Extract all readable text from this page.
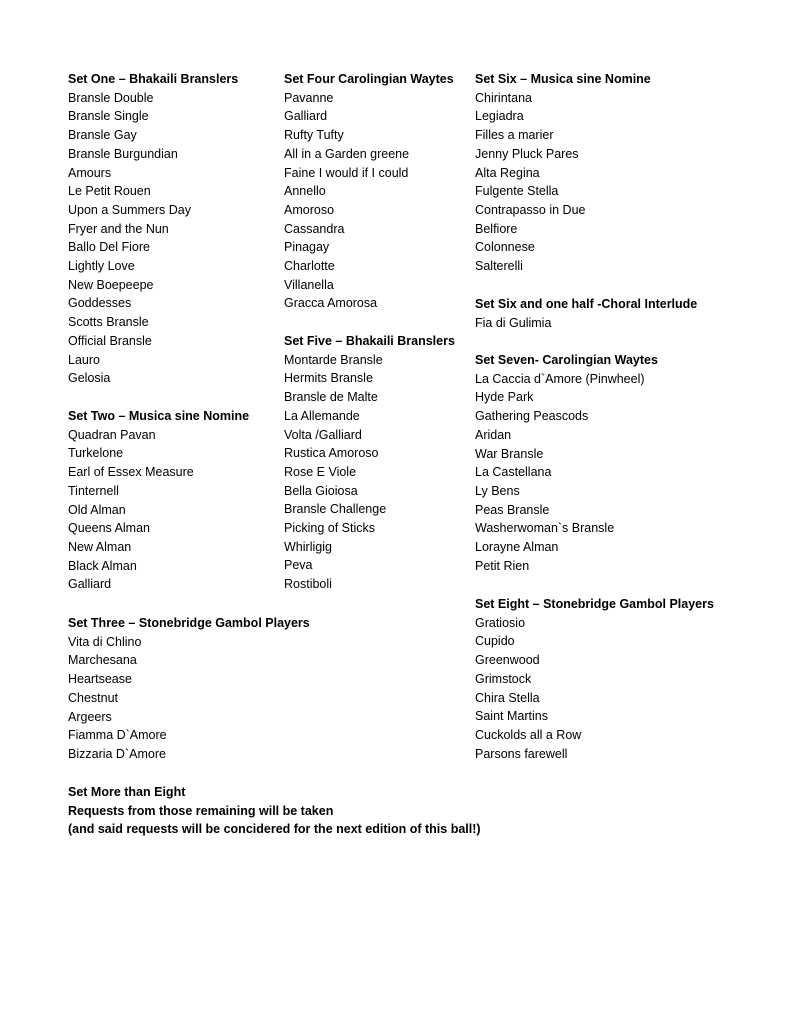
Set One – Bhakaili Branslers
Bransle Double
Bransle Single
Bransle Gay
Bransle Burgundian
Amours
Le Petit Rouen
Upon a Summers Day
Fryer and the Nun
Ballo Del Fiore
Lightly Love
New Boepeepe
Goddesses
Scotts Bransle
Official Bransle
Lauro
Gelosia
Set Two – Musica sine Nomine
Quadran Pavan
Turkelone
Earl of Essex Measure
Tinternell
Old Alman
Queens Alman
New Alman
Black Alman
Galliard
Set Three – Stonebridge Gambol Players
Vita di Chlino
Marchesana
Heartsease
Chestnut
Argeers
Fiamma D`Amore
Bizzaria D`Amore
Set Four Carolingian Waytes
Pavanne
Galliard
Rufty Tufty
All in a Garden greene
Faine I would if I could
Annello
Amoroso
Cassandra
Pinagay
Charlotte
Villanella
Gracca Amorosa
Set Five – Bhakaili Branslers
Montarde Bransle
Hermits Bransle
Bransle de Malte
La Allemande
Volta /Galliard
Rustica Amoroso
Rose E Viole
Bella Gioiosa
Bransle Challenge
Picking of Sticks
Whirligig
Peva
Rostiboli
Set Six – Musica sine Nomine
Chirintana
Legiadra
Filles a marier
Jenny Pluck Pares
Alta Regina
Fulgente Stella
Contrapasso in Due
Belfiore
Colonnese
Salterelli
Set Six and one half -Choral Interlude
Fia di Gulimia
Set Seven- Carolingian Waytes
La Caccia d`Amore (Pinwheel)
Hyde Park
Gathering Peascods
Aridan
War Bransle
La Castellana
Ly Bens
Peas Bransle
Washerwoman`s Bransle
Lorayne Alman
Petit Rien
Set Eight – Stonebridge Gambol Players
Gratiosio
Cupido
Greenwood
Grimstock
Chira Stella
Saint Martins
Cuckolds all a Row
Parsons farewell
Set More than Eight
Requests from those remaining will be taken
(and said requests will be concidered for the next edition of this ball!)
